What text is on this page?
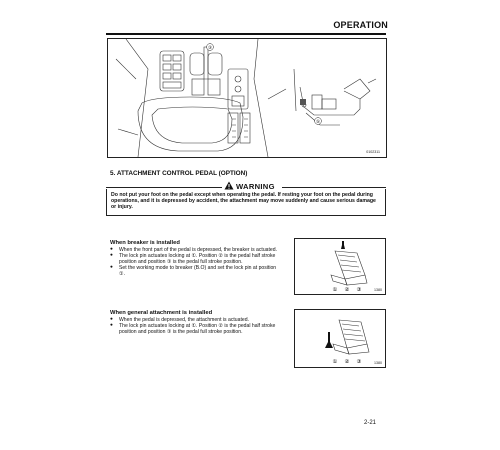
OPERATION
③
⑤
0102311
5. ATTACHMENT CONTROL PEDAL (OPTION)
WARNING
Do not put your foot on the pedal except when operating the pedal. If resting your foot on the pedal during operations, and it is depressed by accident, the attachment may move suddenly and cause serious damage or injury.
When breaker is installed
● When the front part of the pedal is depressed, the breaker is actuated.
● The lock pin actuates locking at ①. Position ② is the pedal half stroke position and position ③ is the pedal full stroke position.
● Set the working mode to breaker (B.O) and set the lock pin at position ①.
① ② ③	1380
When general attachment is installed
● When the pedal is depressed, the attachment is actuated.
● The lock pin actuates locking at ①. Position ② is the pedal half stroke position and position ③ is the pedal full stroke position.
① ② ③	1380
2-21
